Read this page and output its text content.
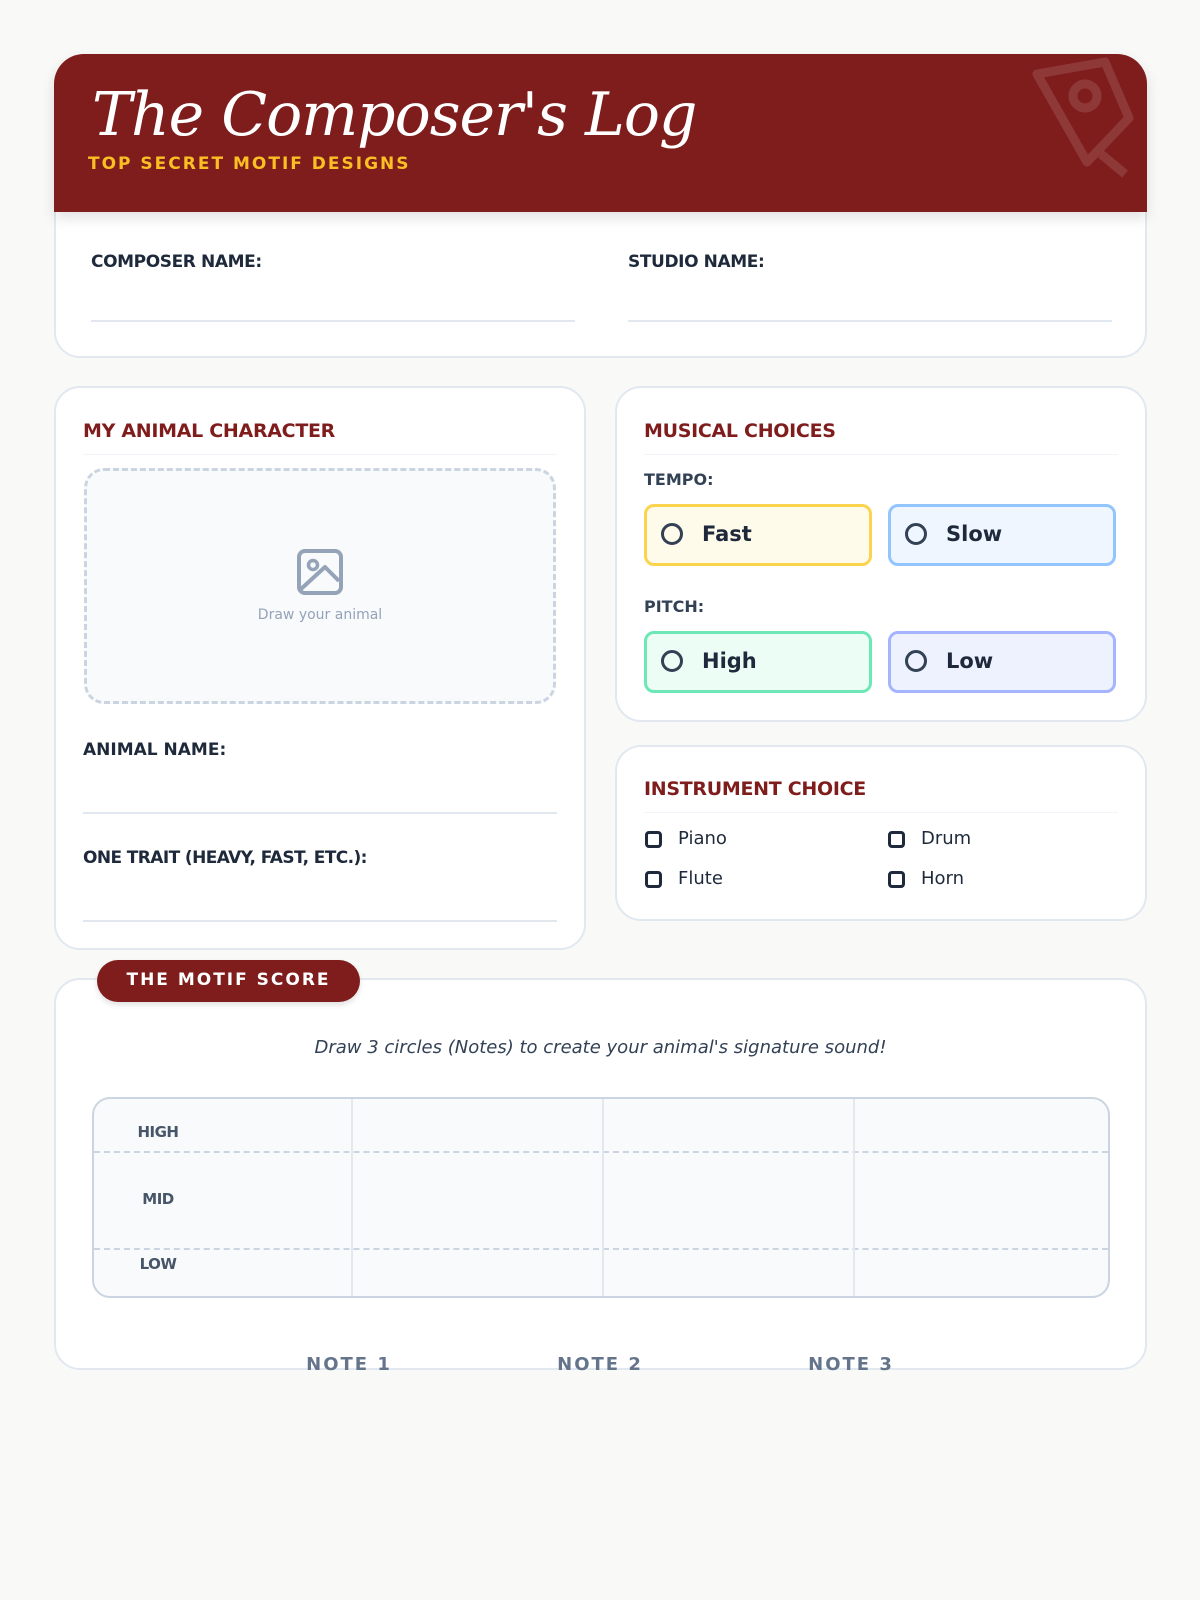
The Composer's Log
TOP SECRET MOTIF DESIGNS
COMPOSER NAME:	STUDIO NAME:
MY ANIMAL CHARACTER
Draw your animal
ANIMAL NAME:
ONE TRAIT (HEAVY, FAST, ETC.):
MUSICAL CHOICES
TEMPO:
Fast	Slow
PITCH:
High	Low
INSTRUMENT CHOICE
Piano	Drum
Flute	Horn
THE MOTIF SCORE
Draw 3 circles (Notes) to create your animal's signature sound!
HIGH
MID
LOW
NOTE 1	NOTE 2	NOTE 3
